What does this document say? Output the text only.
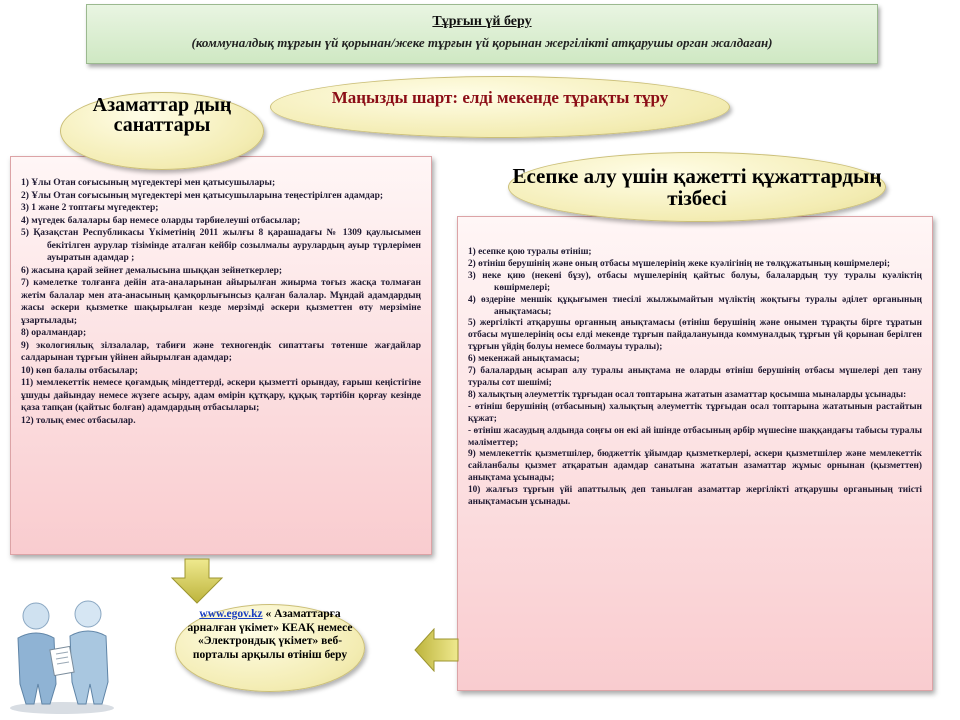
Тұрғын үй беру
(коммуналдық тұрғын үй қорынан/жеке тұрғын үй қорынан жергілікті атқарушы орган жалдаған)
Маңызды шарт: елді мекенде тұрақты тұру
1) Ұлы Отан соғысының мүгедектері мен қатысушылары;
2) Ұлы Отан соғысының мүгедектері мен қатысушыларына теңестірілген адамдар;
3) 1 және 2 топтағы мүгедектер;
4) мүгедек балалары бар немесе оларды тәрбиелеуші отбасылар;
5) Қазақстан Республикасы Үкіметінің 2011 жылғы 8 қарашадағы № 1309 қаулысымен бекітілген аурулар тізімінде аталған кейбір созылмалы аурулардың ауыр түрлерімен ауыратын адамдар ;
6) жасына қарай зейнет демалысына шыққан зейнеткерлер;
7) кәмелетке толғанға дейін ата-аналарынан айырылған жиырма тоғыз жасқа толмаған жетім балалар мен ата-анасының қамқорлығынсыз қалған балалар. Мұндай адамдардың жасы әскери қызметке шақырылған кезде мерзімді әскери қызметтен өту мерзіміне ұзартылады;
8) оралмандар;
9) экологиялық зілзалалар, табиғи және техногендік сипаттағы төтенше жағдайлар салдарынан тұрғын үйінен айырылған адамдар;
10) көп балалы отбасылар;
11) мемлекеттік немесе қоғамдық міндеттерді, әскери қызметті орындау, ғарыш кеңістігіне ұшуды дайындау немесе жүзеге асыру, адам өмірін құтқару, құқық тәртібін қорғау кезінде қаза тапқан (қайтыс болған) адамдардың отбасылары;
12) толық емес отбасылар.
Азаматтар дың санаттары
1) есепке қою туралы өтініш;
2) өтініш берушінің және оның отбасы мүшелерінің жеке куәлігінің не төлқұжатының көшірмелері;
3) неке қию (некені бұзу), отбасы мүшелерінің қайтыс болуы, балалардың туу туралы куәліктің көшірмелері;
4) өздеріне меншік құқығымен тиесілі жылжымайтын мүліктің жоқтығы туралы әділет органының анықтамасы;
5) жергілікті атқарушы органның анықтамасы (өтініш берушінің және онымен тұрақты бірге тұратын отбасы мүшелерінің осы елді мекенде тұрғын пайдалануында коммуналдық тұрғын үй қорынан берілген тұрғын үйдің болуы немесе болмауы туралы);
6) мекенжай анықтамасы;
7) балалардың асырап алу туралы анықтама не оларды өтініш берушінің отбасы мүшелері деп тану туралы сот шешімі;
8) халықтың әлеуметтік тұрғыдан осал топтарына жататын азаматтар қосымша мыналарды ұсынады:
- өтініш берушінің (отбасының) халықтың әлеуметтік тұрғыдан осал топтарына жататынын растайтын құжат;
- өтініш жасаудың алдында соңғы он екі ай ішінде отбасының әрбір мүшесіне шаққандағы табысы туралы мәліметтер;
9) мемлекеттік қызметшілер, бюджеттік ұйымдар қызметкерлері, әскери қызметшілер және мемлекеттік сайланбалы қызмет атқаратын адамдар санатына жататын азаматтар жұмыс орнынан (қызметтен) анықтама ұсынады;
10) жалғыз тұрғын үйі апаттылық деп танылған азаматтар жергілікті атқарушы органының тиісті анықтамасын ұсынады.
Есепке алу үшін қажетті құжаттардың тізбесі
www.egov.kz « Азаматтарға арналған үкімет» КЕАҚ немесе «Электрондық үкімет» веб-порталы арқылы өтініш беру
